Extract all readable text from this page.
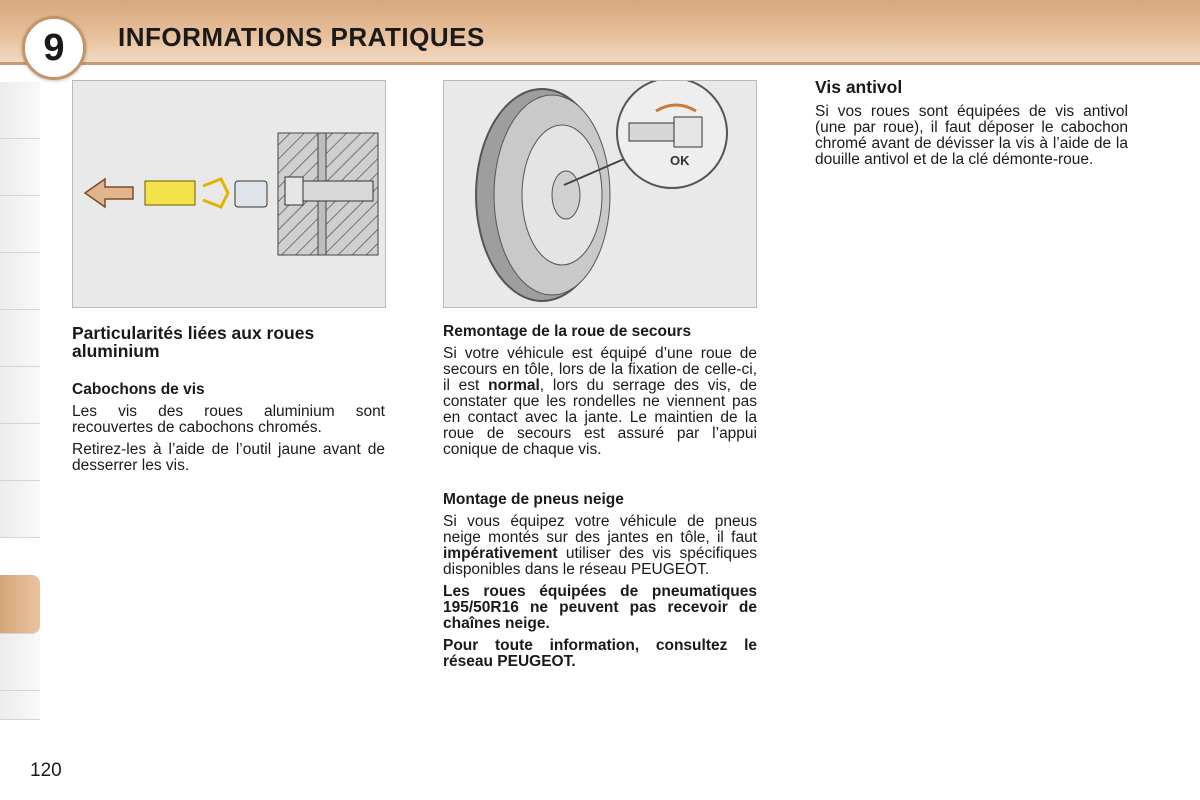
9	INFORMATIONS PRATIQUES
OK
Particularités liées aux roues aluminium
Cabochons de vis

Les vis des roues aluminium sont recouvertes de cabochons chromés.

Retirez-les à l’aide de l’outil jaune avant de desserrer les vis.

Remontage de la roue de secours

Si votre véhicule est équipé d’une roue de secours en tôle, lors de la fixation de celle-ci, il est normal, lors du serrage des vis, de constater que les rondelles ne viennent pas en contact avec la jante. Le maintien de la roue de secours est assuré par l’appui conique de chaque vis.

Montage de pneus neige

Si vous équipez votre véhicule de pneus neige montés sur des jantes en tôle, il faut impérativement utiliser des vis spécifiques disponibles dans le réseau PEUGEOT.

Les roues équipées de pneumatiques 195/50R16 ne peuvent pas recevoir de chaînes neige.

Pour toute information, consultez le réseau PEUGEOT.

Vis antivol

Si vos roues sont équipées de vis antivol (une par roue), il faut déposer le cabochon chromé avant de dévisser la vis à l’aide de la douille antivol et de la clé démonte-roue.

120
